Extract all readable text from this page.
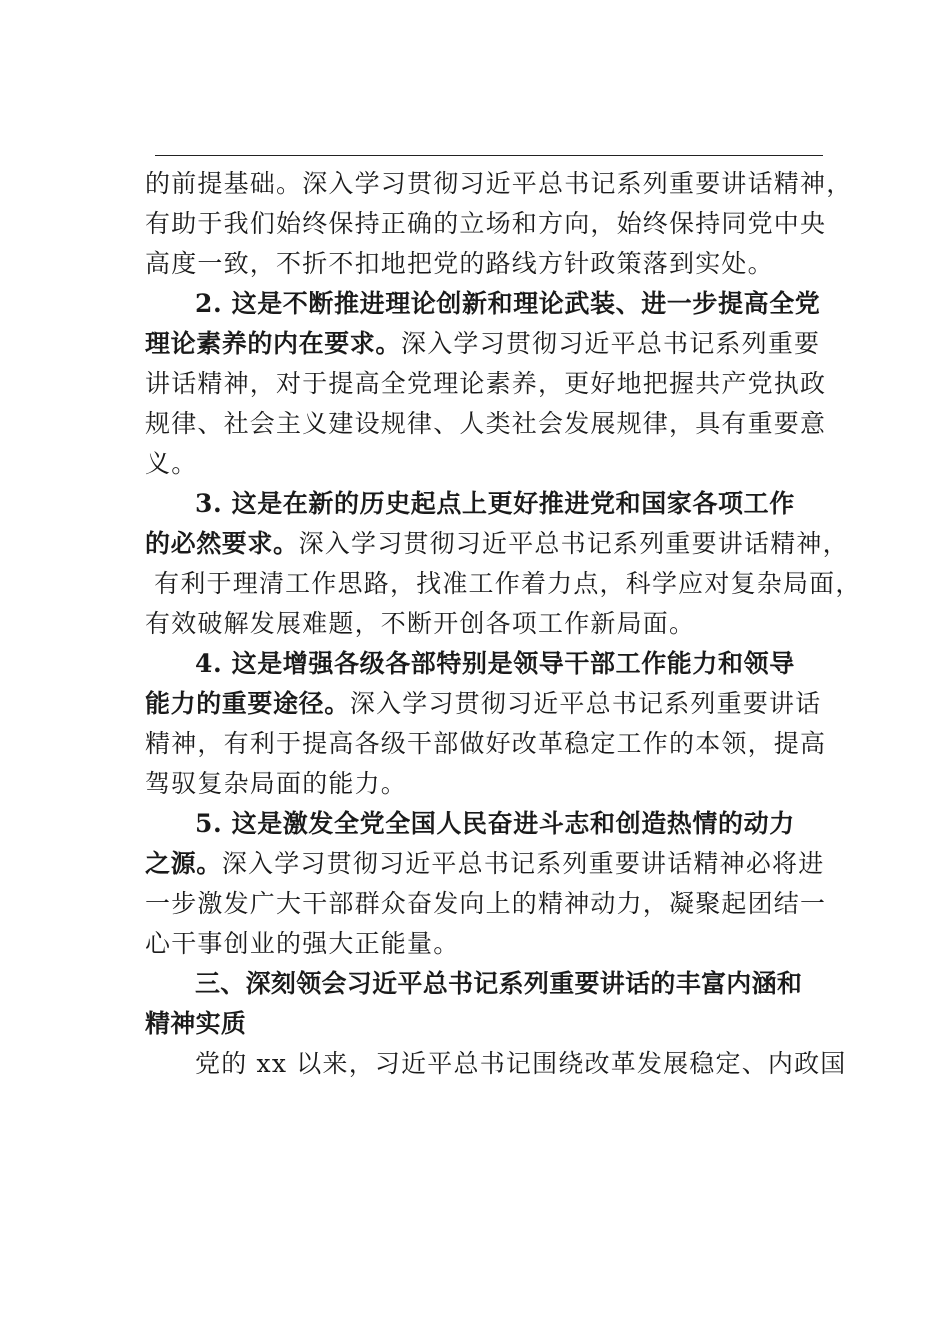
的前提基础。深入学习贯彻习近平总书记系列重要讲话精神，
有助于我们始终保持正确的立场和方向，始终保持同党中央
高度一致，不折不扣地把党的路线方针政策落到实处。
2. 这是不断推进理论创新和理论武装、进一步提高全党
理论素养的内在要求。深入学习贯彻习近平总书记系列重要
讲话精神，对于提高全党理论素养，更好地把握共产党执政
规律、社会主义建设规律、人类社会发展规律，具有重要意
义。
3. 这是在新的历史起点上更好推进党和国家各项工作
的必然要求。深入学习贯彻习近平总书记系列重要讲话精神，
有利于理清工作思路，找准工作着力点，科学应对复杂局面，
有效破解发展难题，不断开创各项工作新局面。
4. 这是增强各级各部特别是领导干部工作能力和领导
能力的重要途径。深入学习贯彻习近平总书记系列重要讲话
精神，有利于提高各级干部做好改革稳定工作的本领，提高
驾驭复杂局面的能力。
5. 这是激发全党全国人民奋进斗志和创造热情的动力
之源。深入学习贯彻习近平总书记系列重要讲话精神必将进
一步激发广大干部群众奋发向上的精神动力，凝聚起团结一
心干事创业的强大正能量。
三、深刻领会习近平总书记系列重要讲话的丰富内涵和
精神实质
党的 xx 以来，习近平总书记围绕改革发展稳定、内政国
